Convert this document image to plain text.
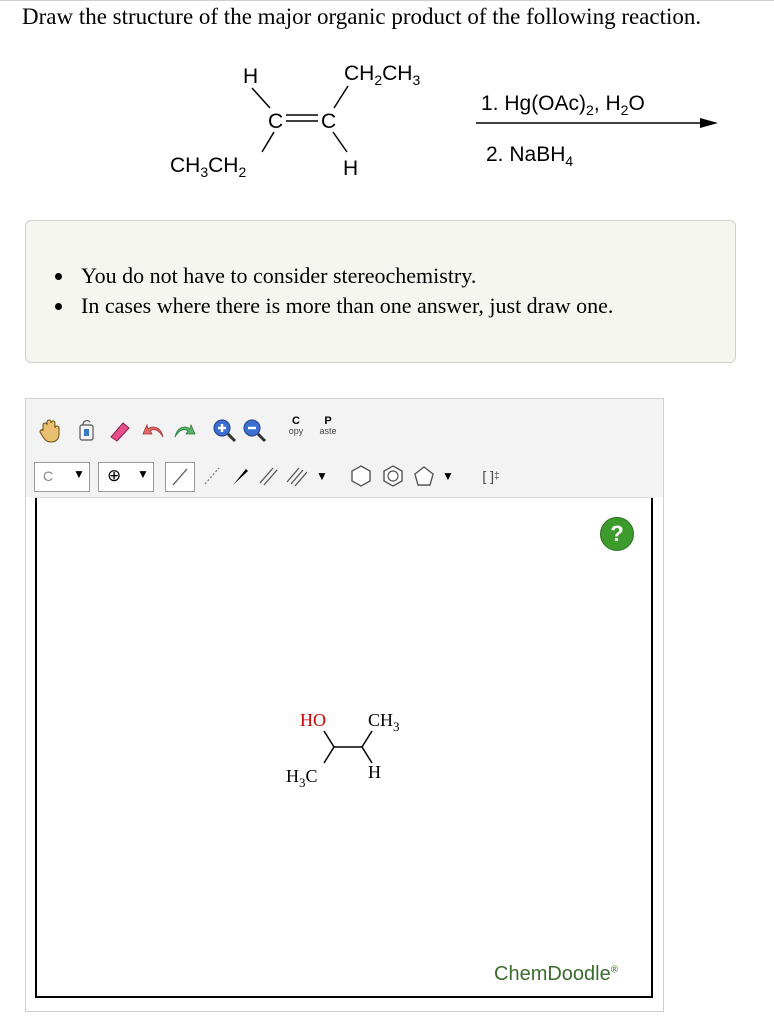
Draw the structure of the major organic product of the following reaction.
H	$CH_2CH_3$
C C
$CH_3CH_2$	H
1. $Hg(OAc)_2$, $H_2O$
2. NaBH$_4$
You do not have to consider stereochemistry.
In cases where there is more than one answer, just draw one.
C
opy
P
aste
C ▼ ⊕ ▼	▼	▼ [ ] ‡
?
HO $CH_3$
$H_3C$	H
ChemDoodle®
